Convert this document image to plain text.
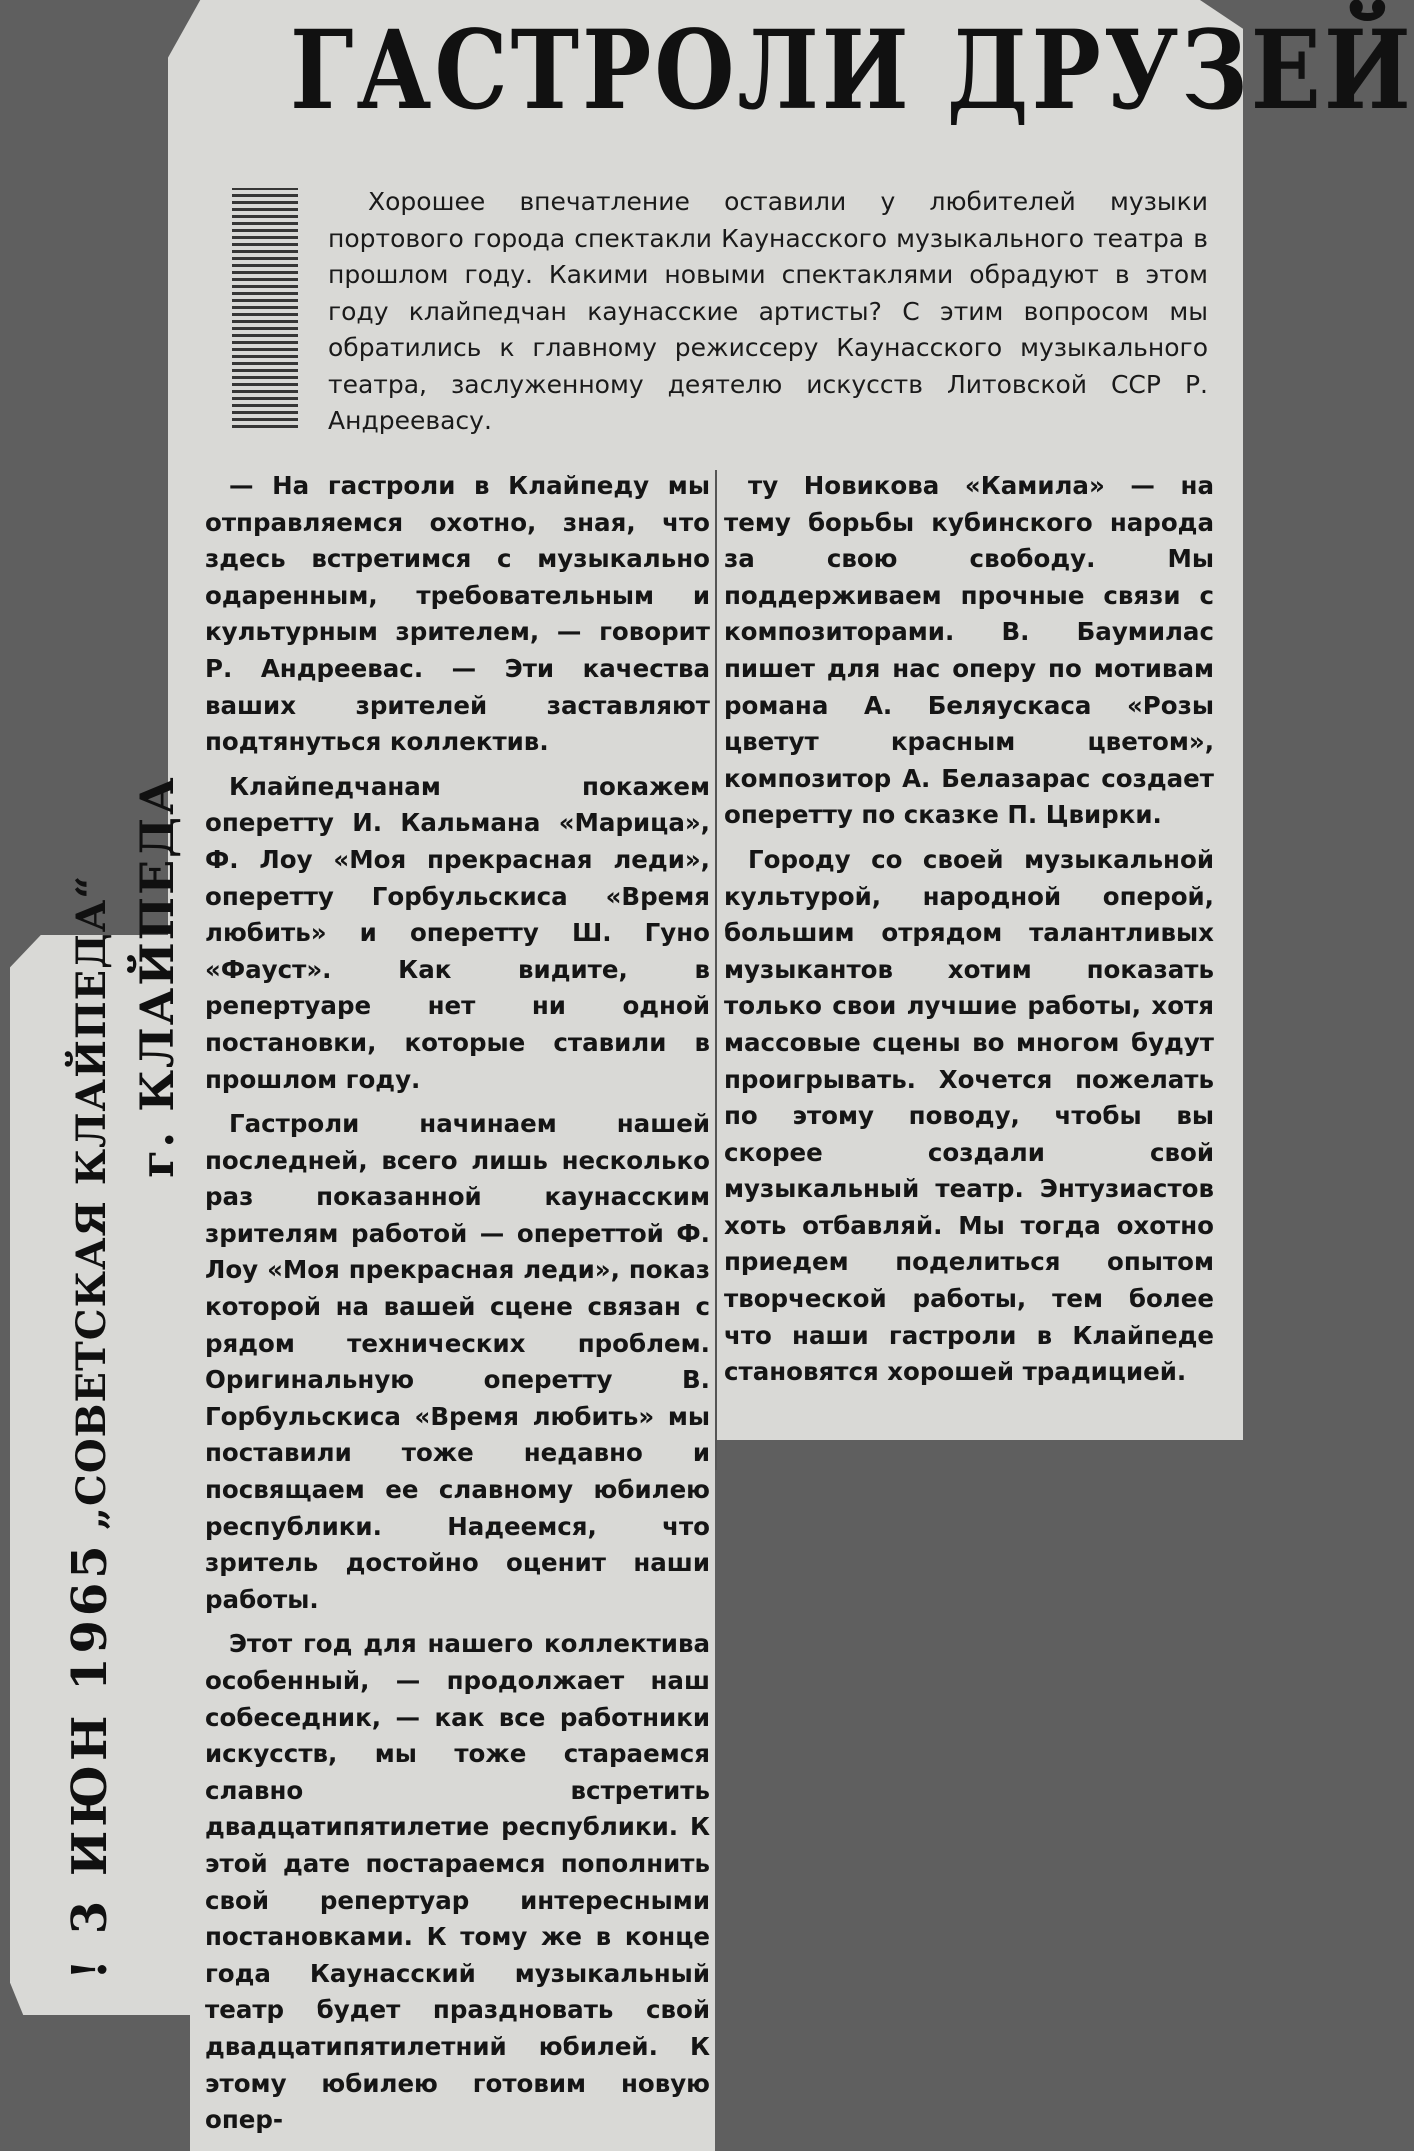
ГАСТРОЛИ ДРУЗЕЙ

Хорошее впечатление оставили у любителей музыки портового города спектакли Каунасского музыкального театра в прошлом году. Какими новыми спектаклями обрадуют в этом году клайпедчан каунасские артисты? С этим вопросом мы обратились к главному режиссеру Каунасского музыкального театра, заслуженному деятелю искусств Литовской ССР Р. Андреевасу.

— На гастроли в Клайпеду мы отправляемся охотно, зная, что здесь встретимся с музыкально одаренным, требовательным и культурным зрителем, — говорит Р. Андреевас. — Эти качества ваших зрителей заставляют подтянуться коллектив.

Клайпедчанам покажем оперетту И. Кальмана «Марица», Ф. Лоу «Моя прекрасная леди», оперетту Горбульскиса «Время любить» и оперетту Ш. Гуно «Фауст». Как видите, в репертуаре нет ни одной постановки, которые ставили в прошлом году.

Гастроли начинаем нашей последней, всего лишь несколько раз показанной каунасским зрителям работой — опереттой Ф. Лоу «Моя прекрасная леди», показ которой на вашей сцене связан с рядом технических проблем. Оригинальную оперетту В. Горбульскиса «Время любить» мы поставили тоже недавно и посвящаем ее славному юбилею республики. Надеемся, что зритель достойно оценит наши работы.

Этот год для нашего коллектива особенный, — продолжает наш собеседник, — как все работники искусств, мы тоже стараемся славно встретить двадцатипятилетие республики. К этой дате постараемся пополнить свой репертуар интересными постановками. К тому же в конце года Каунасский музыкальный театр будет праздновать свой двадцатипятилетний юбилей. К этому юбилею готовим новую опер-

ту Новикова «Камила» — на тему борьбы кубинского народа за свою свободу. Мы поддерживаем прочные связи с композиторами. В. Баумилас пишет для нас оперу по мотивам романа А. Беляускаса «Розы цветут красным цветом», композитор А. Белазарас создает оперетту по сказке П. Цвирки.

Городу со своей музыкальной культурой, народной оперой, большим отрядом талантливых музыкантов хотим показать только свои лучшие работы, хотя массовые сцены во многом будут проигрывать. Хочется пожелать по этому поводу, чтобы вы скорее создали свой музыкальный театр. Энтузиастов хоть отбавляй. Мы тогда охотно приедем поделиться опытом творческой работы, тем более что наши гастроли в Клайпеде становятся хорошей традицией.

! 3 ИЮН 1965
„СОВЕТСКАЯ КЛАЙПЕДА“ г. КЛАЙПЕДА
